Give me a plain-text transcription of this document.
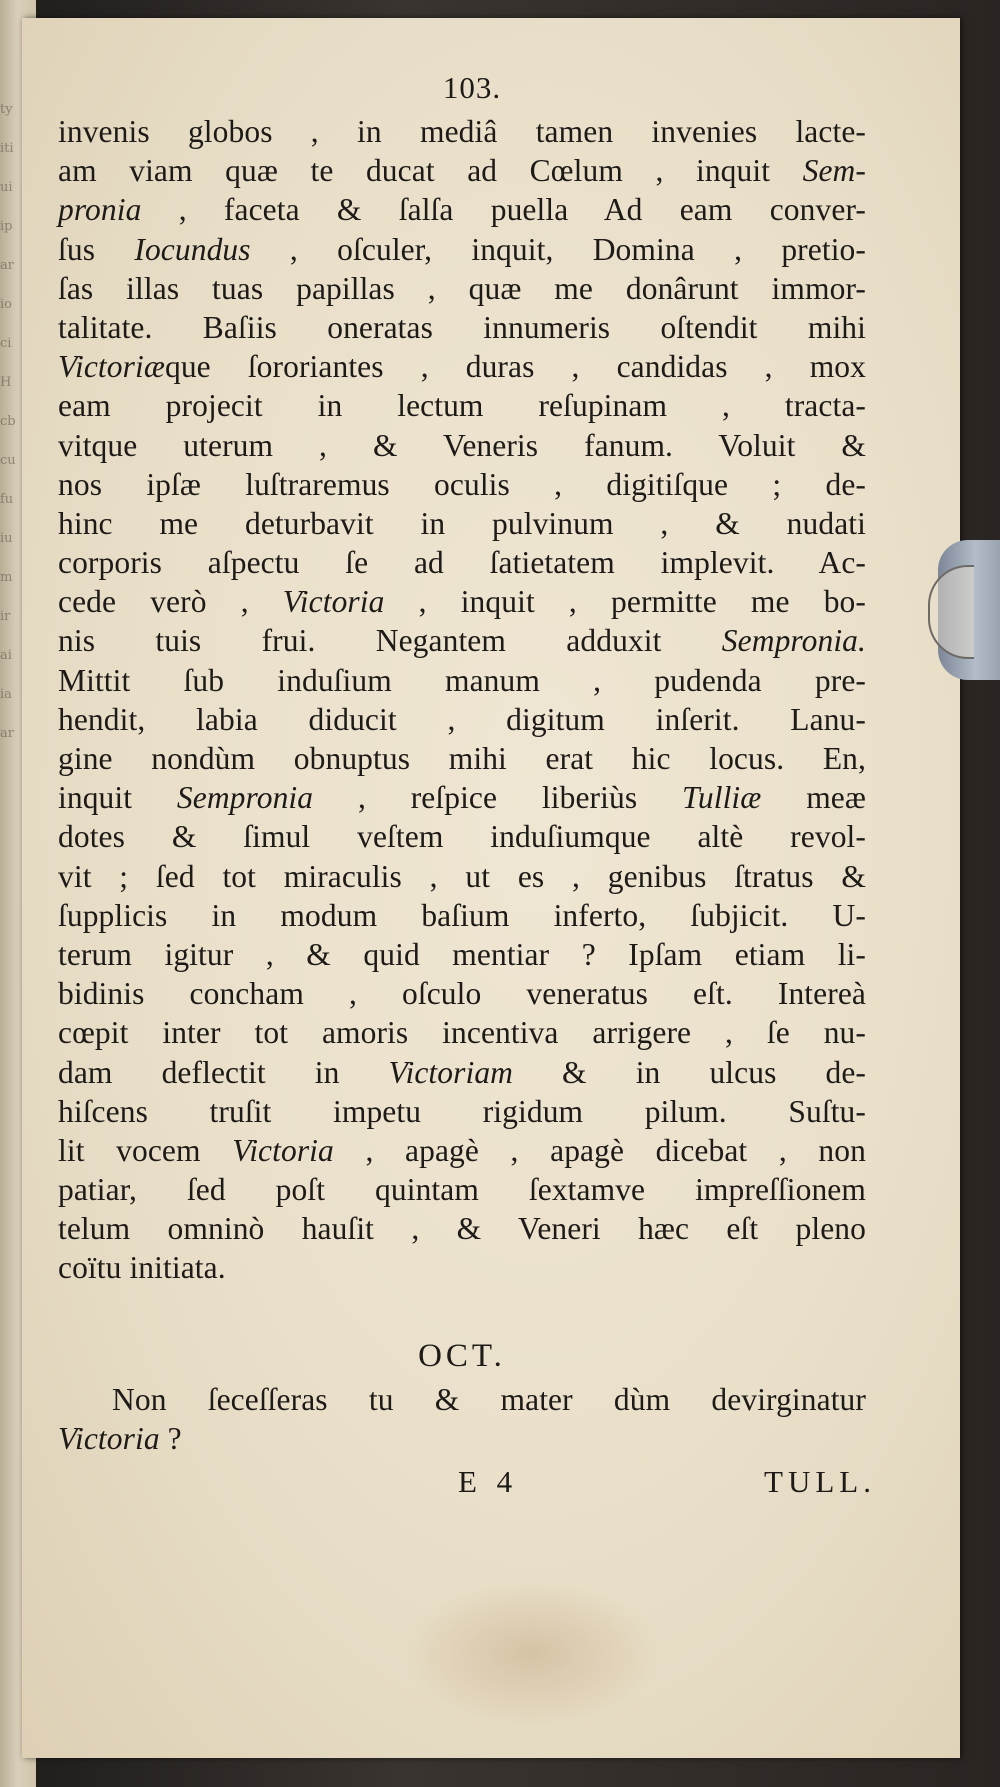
103.
invenis globos , in mediâ tamen invenies lacte-
am viam quæ te ducat ad Cœlum , inquit Sem-
pronia , faceta & ſalſa puella Ad eam conver-
ſus Iocundus , oſculer, inquit, Domina , pretio-
ſas illas tuas papillas , quæ me donârunt immor-
talitate. Baſiis oneratas innumeris oſtendit mihi
Victoriæque ſororiantes , duras , candidas , mox
eam projecit in lectum reſupinam , tracta-
vitque uterum , & Veneris fanum. Voluit &
nos ipſæ luſtraremus oculis , digitiſque ; de-
hinc me deturbavit in pulvinum , & nudati
corporis aſpectu ſe ad ſatietatem implevit. Ac-
cede verò , Victoria , inquit , permitte me bo-
nis tuis frui. Negantem adduxit Sempronia.
Mittit ſub induſium manum , pudenda pre-
hendit, labia diducit , digitum inſerit. Lanu-
gine nondùm obnuptus mihi erat hic locus. En,
inquit Sempronia , reſpice liberiùs Tulliæ meæ
dotes & ſimul veſtem induſiumque altè revol-
vit ; ſed tot miraculis , ut es , genibus ſtratus &
ſupplicis in modum baſium inferto, ſubjicit. U-
terum igitur , & quid mentiar ? Ipſam etiam li-
bidinis concham , oſculo veneratus eſt. Intereà
cœpit inter tot amoris incentiva arrigere , ſe nu-
dam deflectit in Victoriam & in ulcus de-
hiſcens truſit impetu rigidum pilum. Suſtu-
lit vocem Victoria , apagè , apagè dicebat , non
patiar, ſed poſt quintam ſextamve impreſſionem
telum omninò hauſit , & Veneri hæc eſt pleno
coïtu initiata.
OCT.
Non ſeceſſeras tu & mater dùm devirginatur
Victoria ?
E 4	TULL.
ty
iti
ui
ip
ar
io
ci
H
cb
cu
fu
iu
m
ir
ai
ia
ar
